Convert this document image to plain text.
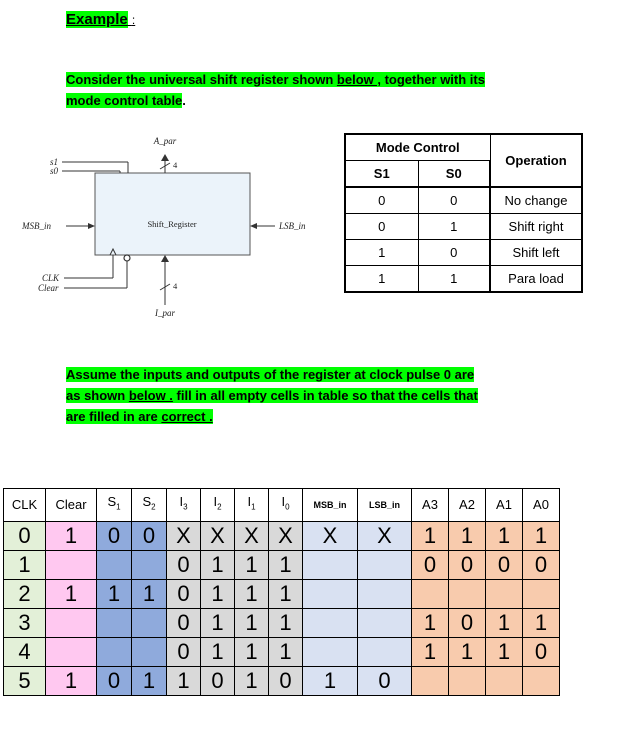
Example :
Consider the universal shift register shown below , together with its
mode control table.
Shift_Register
A_par
4
s1
s0
MSB_in	LSB_in
CLK
Clear	4
I_par
Mode Control		Operation
S1	S0	
0	0	No change
0	1	Shift right
1	0	Shift left
1	1	Para load
Assume the inputs and outputs of the register at clock pulse 0 are
as shown below . fill in all empty cells in table so that the cells that
are filled in are correct .
CLK	Clear	$S_1$	$S_2$	$I_3$	$I_2$	$I_1$	$I_0$	MSB_in	LSB_in	A3	A2	A1	A0
0	1	0	0	X	X	X	X	X	X	1	1	1	1
1				0	1	1	1			0	0	0	0
2	1	1	1	0	1	1	1						
3				0	1	1	1			1	0	1	1
4				0	1	1	1			1	1	1	0
5	1	0	1	1	0	1	0	1	0				
